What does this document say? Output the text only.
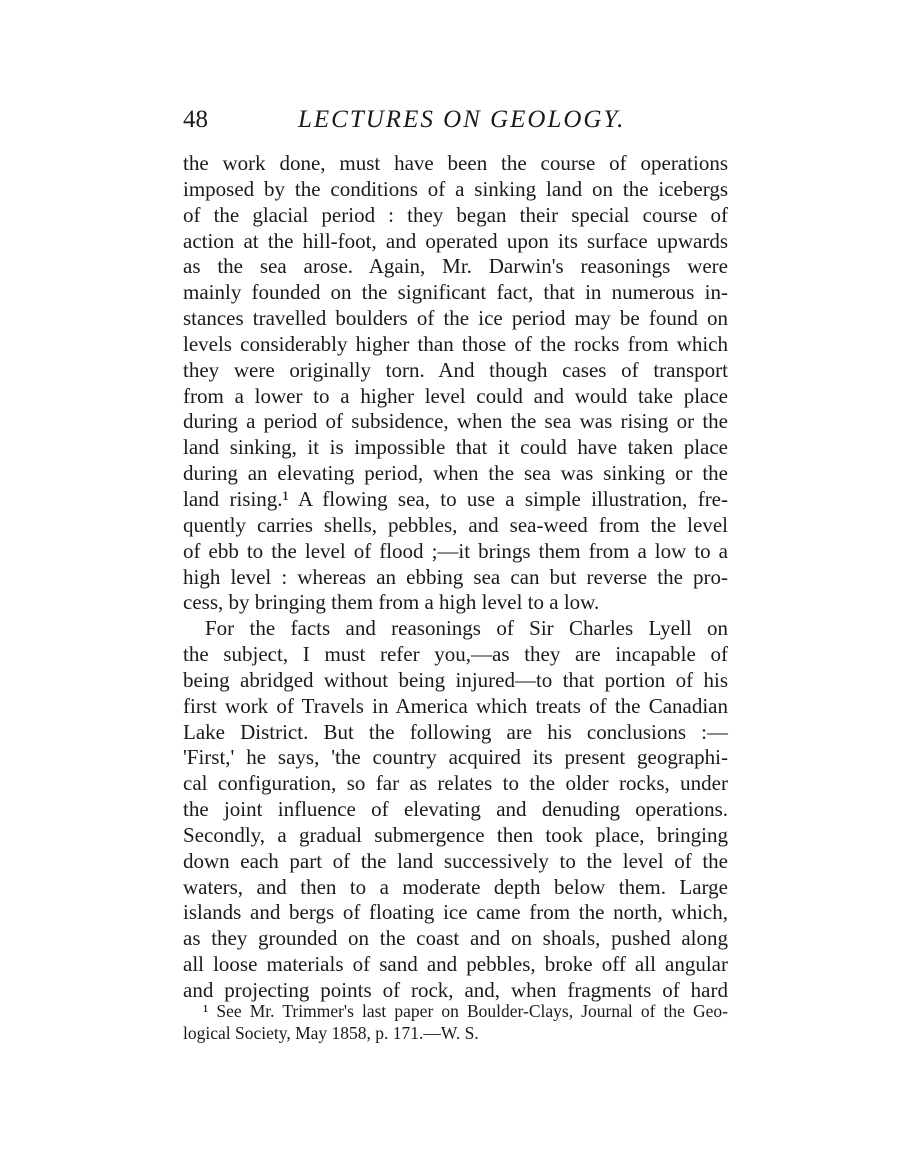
48	LECTURES ON GEOLOGY.
the work done, must have been the course of operations
imposed by the conditions of a sinking land on the icebergs
of the glacial period : they began their special course of
action at the hill-foot, and operated upon its surface upwards
as the sea arose. Again, Mr. Darwin's reasonings were
mainly founded on the significant fact, that in numerous in-
stances travelled boulders of the ice period may be found on
levels considerably higher than those of the rocks from which
they were originally torn. And though cases of transport
from a lower to a higher level could and would take place
during a period of subsidence, when the sea was rising or the
land sinking, it is impossible that it could have taken place
during an elevating period, when the sea was sinking or the
land rising.¹ A flowing sea, to use a simple illustration, fre-
quently carries shells, pebbles, and sea-weed from the level
of ebb to the level of flood ;—it brings them from a low to a
high level : whereas an ebbing sea can but reverse the pro-
cess, by bringing them from a high level to a low.
For the facts and reasonings of Sir Charles Lyell on
the subject, I must refer you,—as they are incapable of
being abridged without being injured—to that portion of his
first work of Travels in America which treats of the Canadian
Lake District. But the following are his conclusions :—
'First,' he says, 'the country acquired its present geographi-
cal configuration, so far as relates to the older rocks, under
the joint influence of elevating and denuding operations.
Secondly, a gradual submergence then took place, bringing
down each part of the land successively to the level of the
waters, and then to a moderate depth below them. Large
islands and bergs of floating ice came from the north, which,
as they grounded on the coast and on shoals, pushed along
all loose materials of sand and pebbles, broke off all angular
and projecting points of rock, and, when fragments of hard
¹ See Mr. Trimmer's last paper on Boulder-Clays, Journal of the Geo-
logical Society, May 1858, p. 171.—W. S.
